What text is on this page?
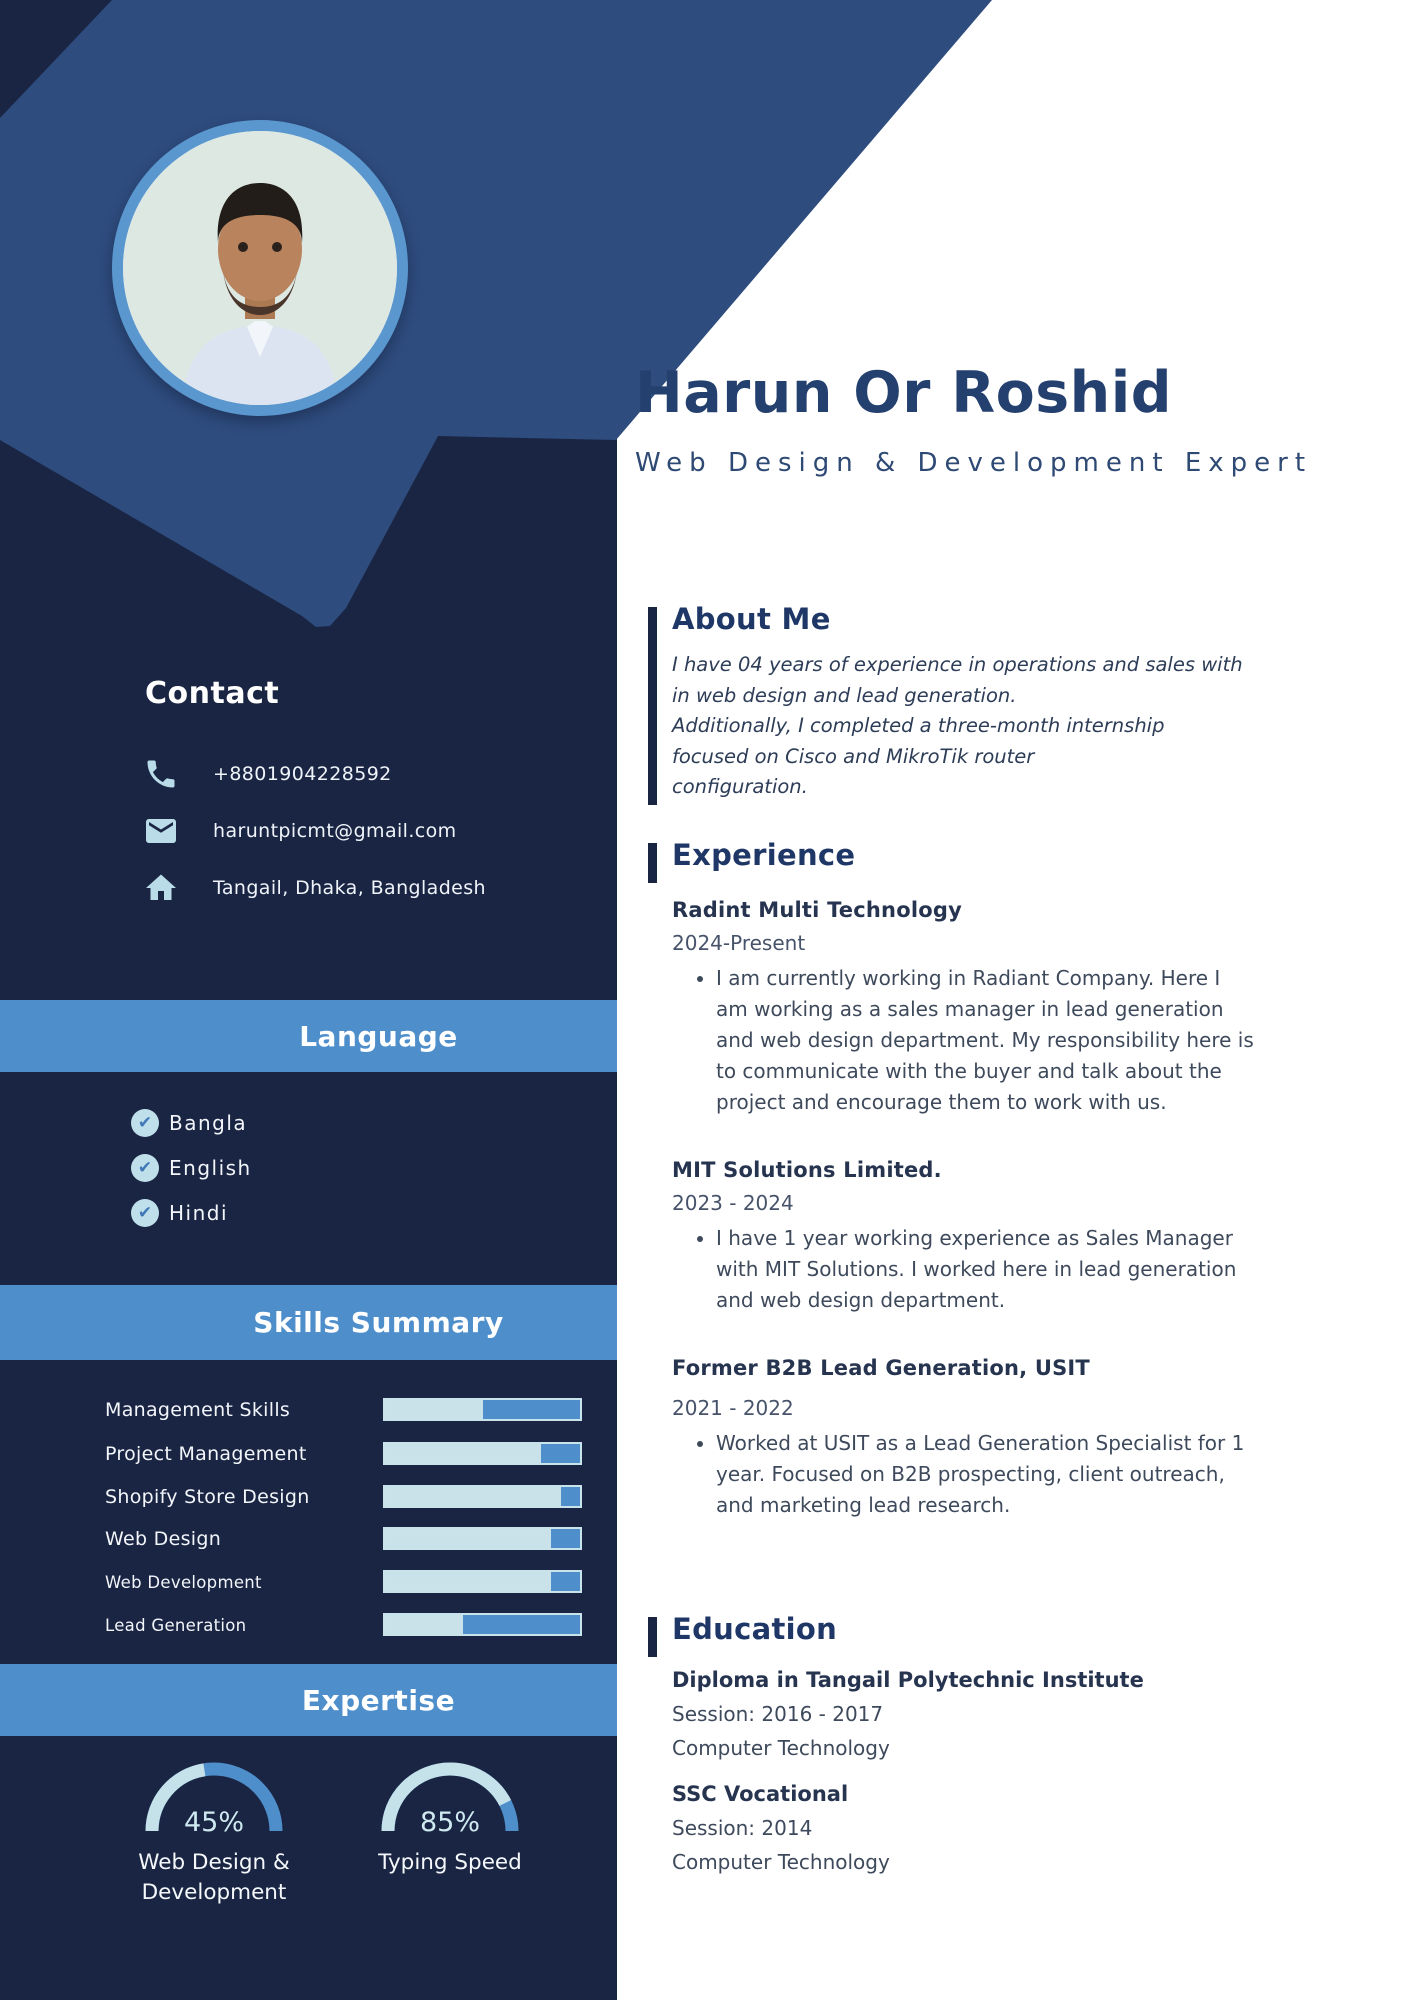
Contact
+8801904228592
haruntpicmt@gmail.com
Tangail, Dhaka, Bangladesh
Language
✔ Bangla
✔ English
✔ Hindi
Skills Summary
Management Skills
Project Management
Shopify Store Design
Web Design
Web Development
Lead Generation
Expertise
45%	85%
Web Design &
Development
Typing Speed
Harun Or Roshid
Web Design & Development Expert
About Me
I have 04 years of experience in operations and sales with
in web design and lead generation.
Additionally, I completed a three-month internship
focused on Cisco and MikroTik router
configuration.
Experience
Radint Multi Technology
2024-Present
• I am currently working in Radiant Company. Here I
am working as a sales manager in lead generation
and web design department. My responsibility here is
to communicate with the buyer and talk about the
project and encourage them to work with us.
MIT Solutions Limited.
2023 - 2024
• I have 1 year working experience as Sales Manager
with MIT Solutions. I worked here in lead generation
and web design department.
Former B2B Lead Generation, USIT
2021 - 2022
• Worked at USIT as a Lead Generation Specialist for 1
year. Focused on B2B prospecting, client outreach,
and marketing lead research.
Education
Diploma in Tangail Polytechnic Institute
Session: 2016 - 2017
Computer Technology
SSC Vocational
Session: 2014
Computer Technology
